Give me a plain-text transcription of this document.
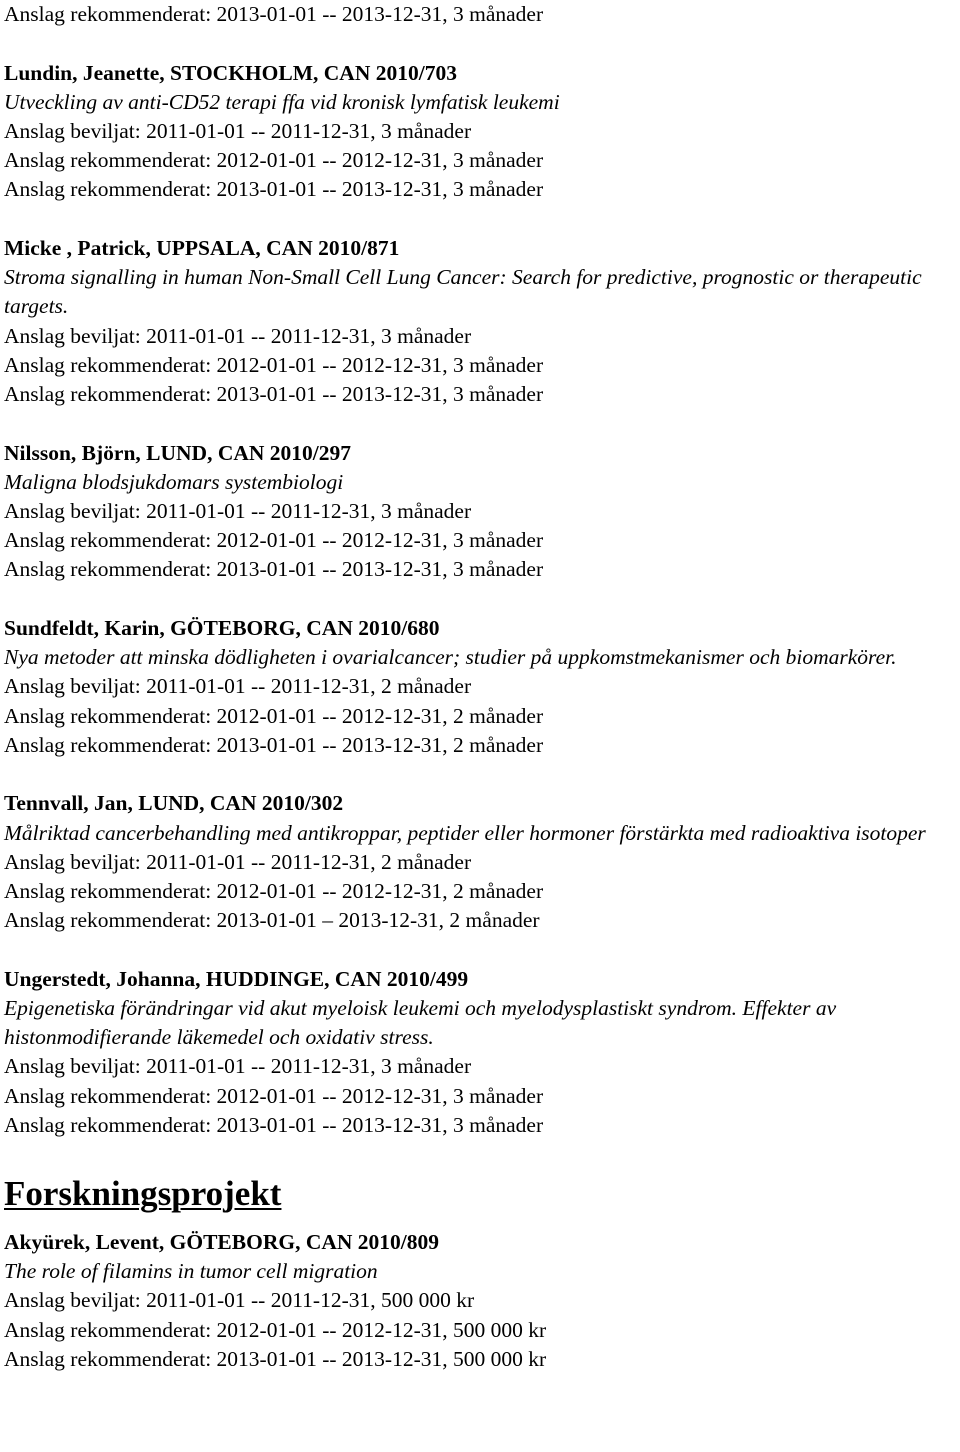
Anslag rekommenderat: 2013-01-01 -- 2013-12-31, 3 månader

Lundin, Jeanette, STOCKHOLM, CAN 2010/703

Utveckling av anti-CD52 terapi ffa vid kronisk lymfatisk leukemi

Anslag beviljat: 2011-01-01 -- 2011-12-31, 3 månader

Anslag rekommenderat: 2012-01-01 -- 2012-12-31, 3 månader

Anslag rekommenderat: 2013-01-01 -- 2013-12-31, 3 månader

Micke , Patrick, UPPSALA, CAN 2010/871

Stroma signalling in human Non-Small Cell Lung Cancer: Search for predictive, prognostic or therapeutic targets.

Anslag beviljat: 2011-01-01 -- 2011-12-31, 3 månader

Anslag rekommenderat: 2012-01-01 -- 2012-12-31, 3 månader

Anslag rekommenderat: 2013-01-01 -- 2013-12-31, 3 månader

Nilsson, Björn, LUND, CAN 2010/297

Maligna blodsjukdomars systembiologi

Anslag beviljat: 2011-01-01 -- 2011-12-31, 3 månader

Anslag rekommenderat: 2012-01-01 -- 2012-12-31, 3 månader

Anslag rekommenderat: 2013-01-01 -- 2013-12-31, 3 månader

Sundfeldt, Karin, GÖTEBORG, CAN 2010/680

Nya metoder att minska dödligheten i ovarialcancer; studier på uppkomstmekanismer och biomarkörer.

Anslag beviljat: 2011-01-01 -- 2011-12-31, 2 månader

Anslag rekommenderat: 2012-01-01 -- 2012-12-31, 2 månader

Anslag rekommenderat: 2013-01-01 -- 2013-12-31, 2 månader

Tennvall, Jan, LUND, CAN 2010/302

Målriktad cancerbehandling med antikroppar, peptider eller hormoner förstärkta med radioaktiva isotoper

Anslag beviljat: 2011-01-01 -- 2011-12-31, 2 månader

Anslag rekommenderat: 2012-01-01 -- 2012-12-31, 2 månader

Anslag rekommenderat: 2013-01-01 – 2013-12-31, 2 månader

Ungerstedt, Johanna, HUDDINGE, CAN 2010/499

Epigenetiska förändringar vid akut myeloisk leukemi och myelodysplastiskt syndrom. Effekter av histonmodifierande läkemedel och oxidativ stress.

Anslag beviljat: 2011-01-01 -- 2011-12-31, 3 månader

Anslag rekommenderat: 2012-01-01 -- 2012-12-31, 3 månader

Anslag rekommenderat: 2013-01-01 -- 2013-12-31, 3 månader

Forskningsprojekt

Akyürek, Levent, GÖTEBORG, CAN 2010/809

The role of filamins in tumor cell migration

Anslag beviljat: 2011-01-01 -- 2011-12-31, 500 000 kr

Anslag rekommenderat: 2012-01-01 -- 2012-12-31, 500 000 kr

Anslag rekommenderat: 2013-01-01 -- 2013-12-31, 500 000 kr
